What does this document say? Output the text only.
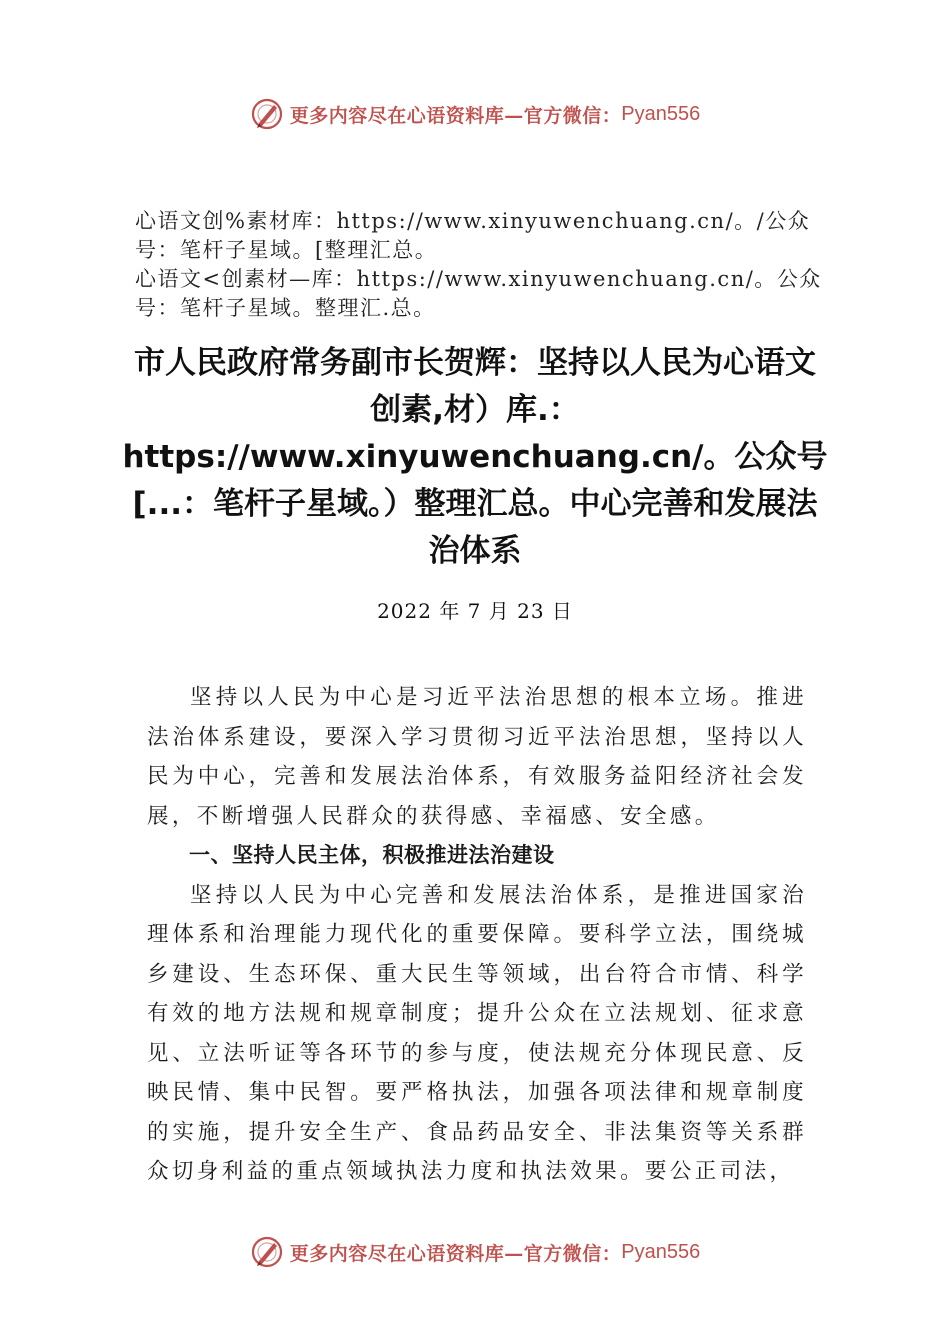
更多内容尽在心语资料库—官方微信： Pyan556

心语文创%素材库：https://www.xinyuwenchuang.cn/。/公众号：笔杆子星域。[整理汇总。

心语文<创素材—库：https://www.xinyuwenchuang.cn/。公众号：笔杆子星域。整理汇.总。

市人民政府常务副市长贺辉：坚持以人民为心语文创素,材）库.：https://www.xinyuwenchuang.cn/。公众号[...：笔杆子星域。）整理汇总。中心完善和发展法治体系
2022 年 7 月 23 日

坚持以人民为中心是习近平法治思想的根本立场。推进法治体系建设，要深入学习贯彻习近平法治思想，坚持以人民为中心，完善和发展法治体系，有效服务益阳经济社会发展，不断增强人民群众的获得感、幸福感、安全感。

一、坚持人民主体，积极推进法治建设

坚持以人民为中心完善和发展法治体系，是推进国家治理体系和治理能力现代化的重要保障。要科学立法，围绕城乡建设、生态环保、重大民生等领域，出台符合市情、科学有效的地方法规和规章制度；提升公众在立法规划、征求意见、立法听证等各环节的参与度，使法规充分体现民意、反映民情、集中民智。要严格执法，加强各项法律和规章制度的实施，提升安全生产、食品药品安全、非法集资等关系群众切身利益的重点领域执法力度和执法效果。要公正司法，

更多内容尽在心语资料库—官方微信： Pyan556
